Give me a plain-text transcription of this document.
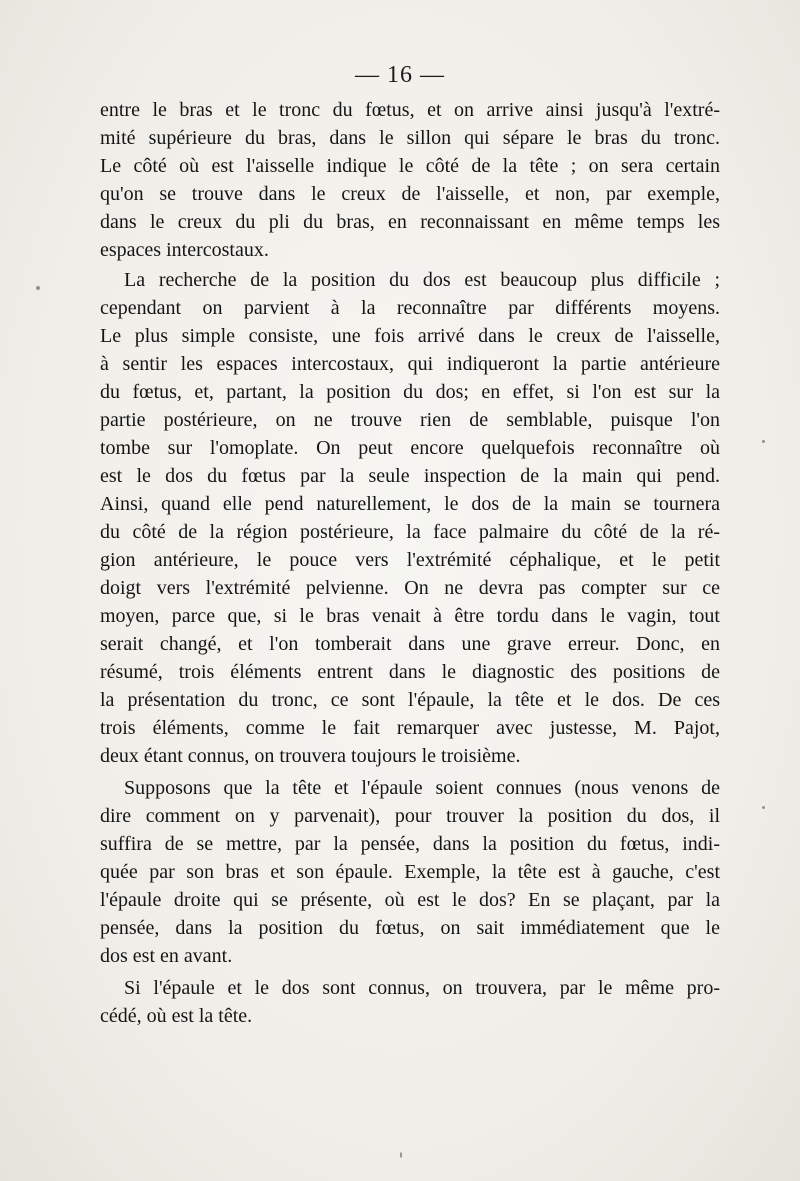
— 16 —

entre le bras et le tronc du fœtus, et on arrive ainsi jusqu'à l'extré-
mité supérieure du bras, dans le sillon qui sépare le bras du tronc.
Le côté où est l'aisselle indique le côté de la tête ; on sera certain
qu'on se trouve dans le creux de l'aisselle, et non, par exemple,
dans le creux du pli du bras, en reconnaissant en même temps les
espaces intercostaux.

La recherche de la position du dos est beaucoup plus difficile ;
cependant on parvient à la reconnaître par différents moyens.
Le plus simple consiste, une fois arrivé dans le creux de l'aisselle,
à sentir les espaces intercostaux, qui indiqueront la partie antérieure
du fœtus, et, partant, la position du dos; en effet, si l'on est sur la
partie postérieure, on ne trouve rien de semblable, puisque l'on
tombe sur l'omoplate. On peut encore quelquefois reconnaître où
est le dos du fœtus par la seule inspection de la main qui pend.
Ainsi, quand elle pend naturellement, le dos de la main se tournera
du côté de la région postérieure, la face palmaire du côté de la ré-
gion antérieure, le pouce vers l'extrémité céphalique, et le petit
doigt vers l'extrémité pelvienne. On ne devra pas compter sur ce
moyen, parce que, si le bras venait à être tordu dans le vagin, tout
serait changé, et l'on tomberait dans une grave erreur. Donc, en
résumé, trois éléments entrent dans le diagnostic des positions de
la présentation du tronc, ce sont l'épaule, la tête et le dos. De ces
trois éléments, comme le fait remarquer avec justesse, M. Pajot,
deux étant connus, on trouvera toujours le troisième.

Supposons que la tête et l'épaule soient connues (nous venons de
dire comment on y parvenait), pour trouver la position du dos, il
suffira de se mettre, par la pensée, dans la position du fœtus, indi-
quée par son bras et son épaule. Exemple, la tête est à gauche, c'est
l'épaule droite qui se présente, où est le dos? En se plaçant, par la
pensée, dans la position du fœtus, on sait immédiatement que le
dos est en avant.

Si l'épaule et le dos sont connus, on trouvera, par le même pro-
cédé, où est la tête.
